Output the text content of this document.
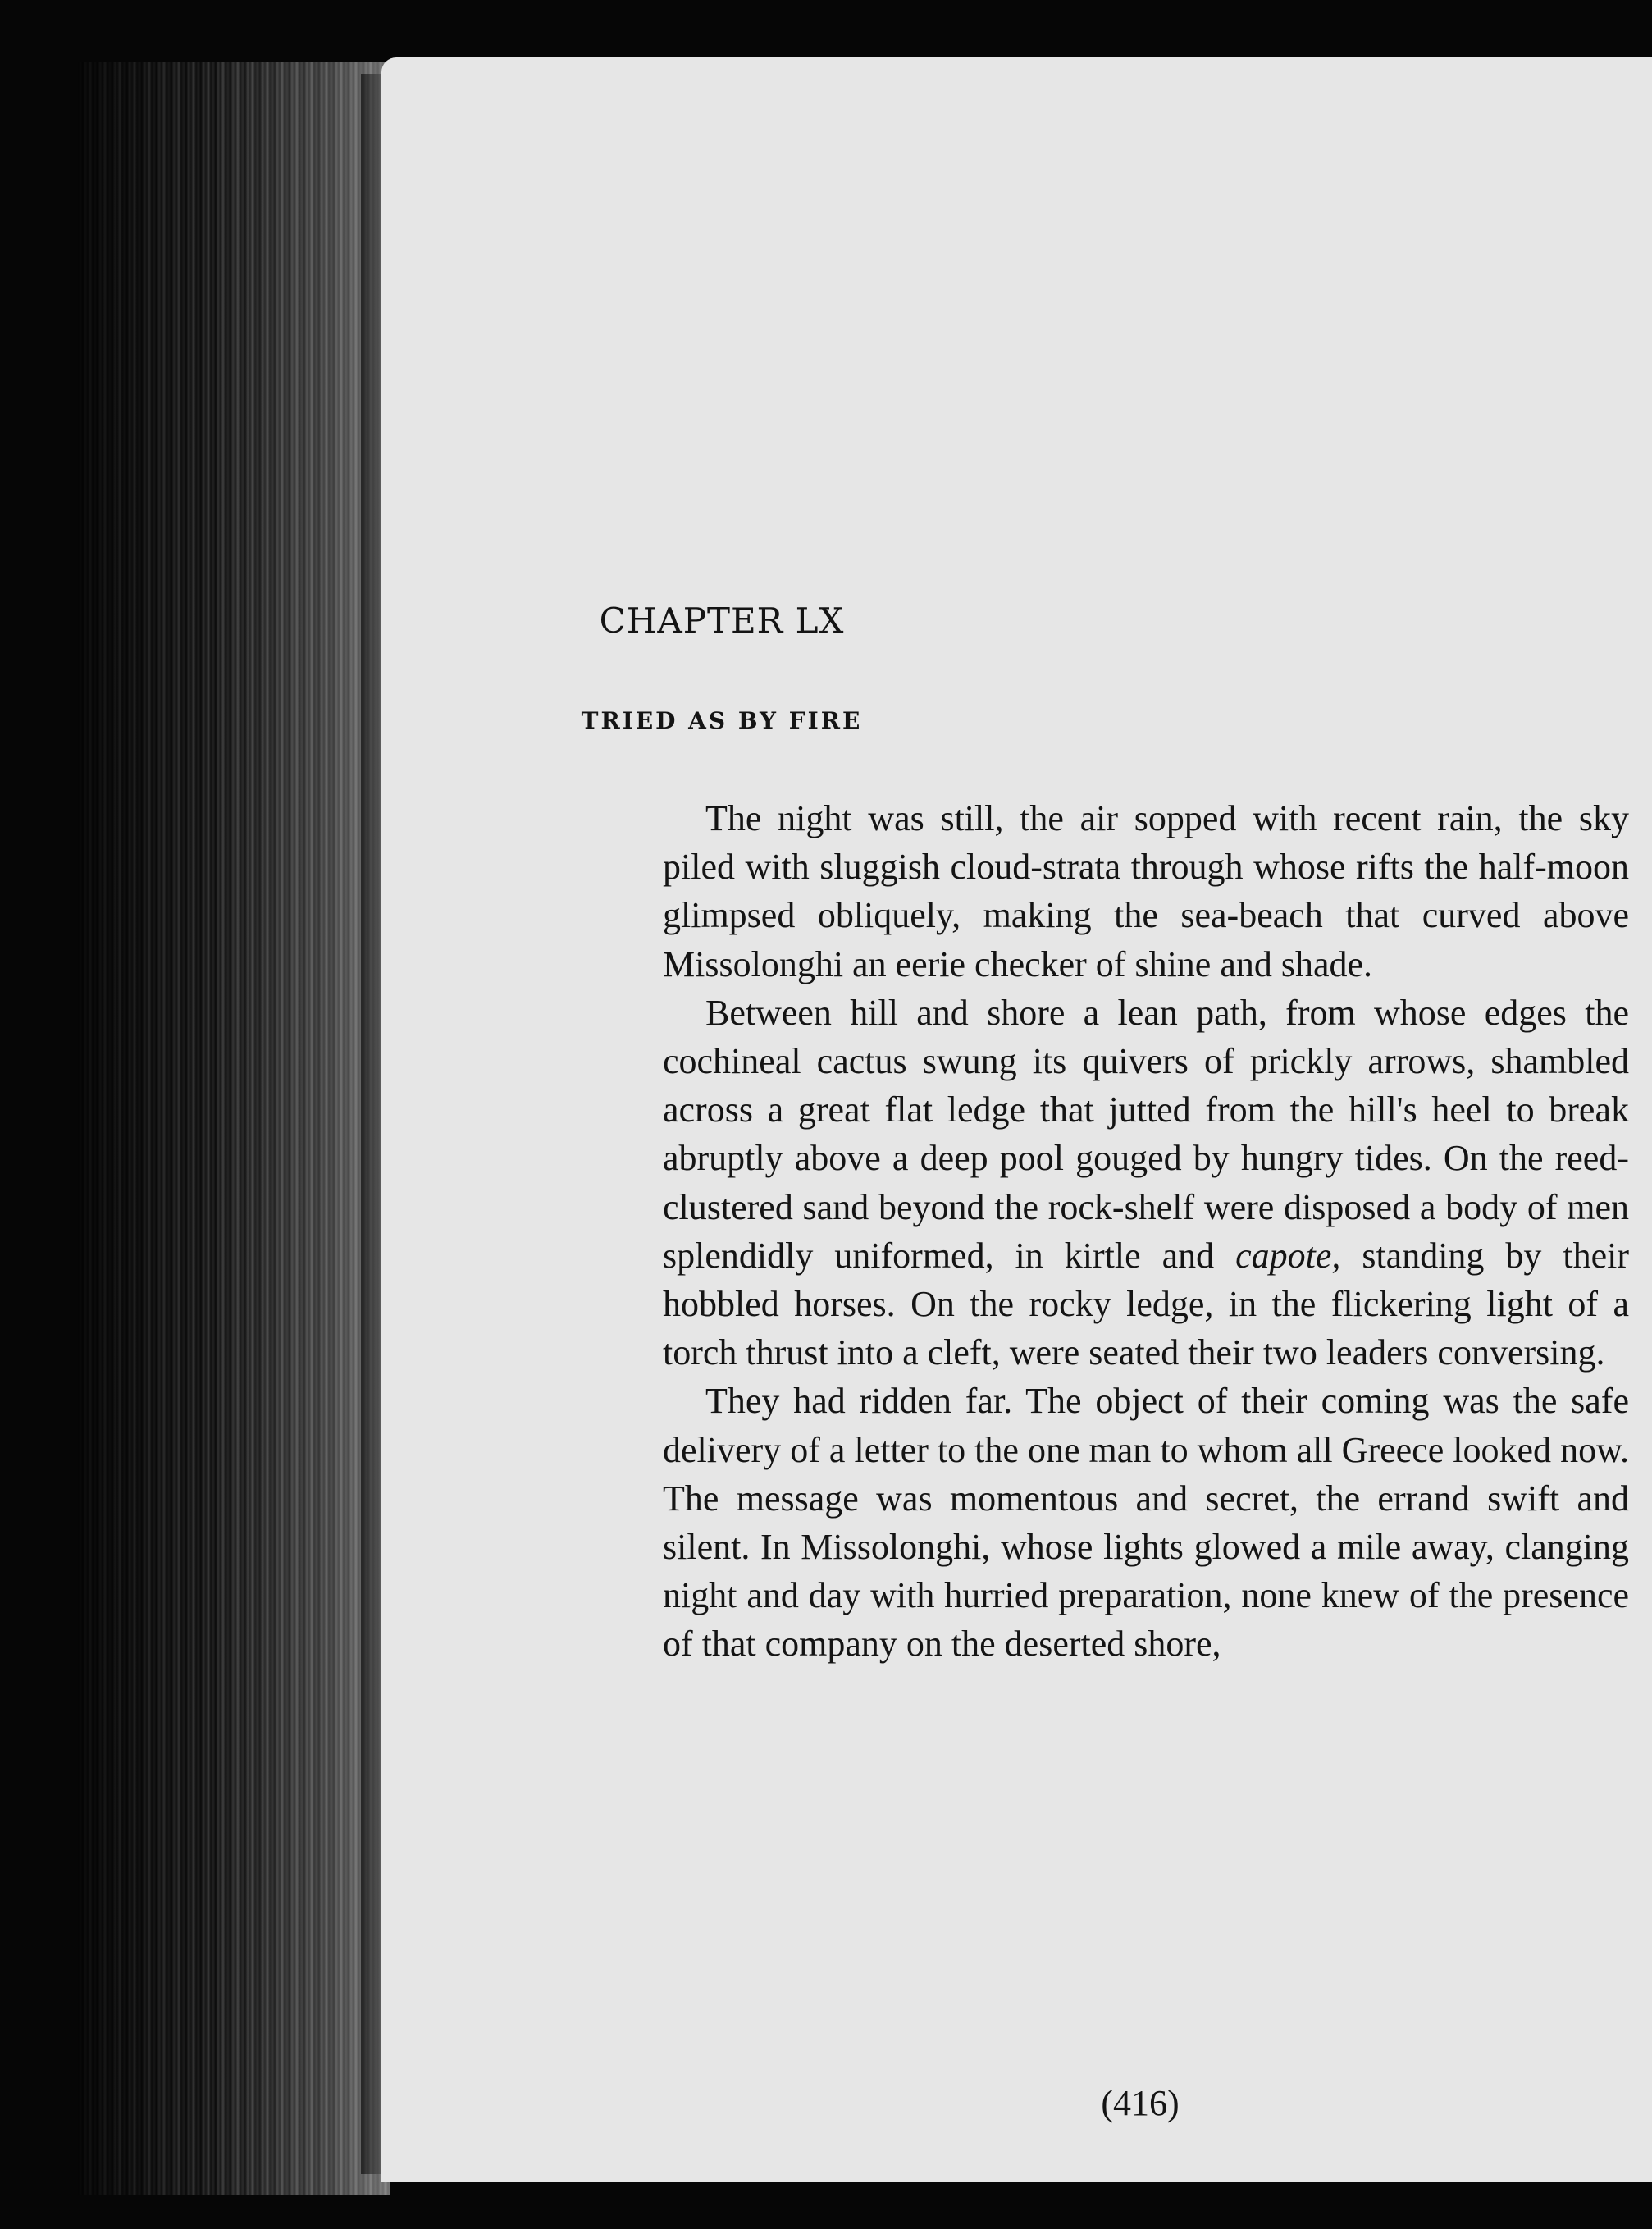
CHAPTER LX
TRIED AS BY FIRE

The night was still, the air sopped with recent rain, the sky piled with sluggish cloud-strata through whose rifts the half-moon glimpsed obliquely, making the sea-beach that curved above Missolonghi an eerie checker of shine and shade.

Between hill and shore a lean path, from whose edges the cochineal cactus swung its quivers of prickly arrows, shambled across a great flat ledge that jutted from the hill's heel to break abruptly above a deep pool gouged by hungry tides. On the reed-clustered sand beyond the rock-shelf were disposed a body of men splendidly uniformed, in kirtle and capote, standing by their hobbled horses. On the rocky ledge, in the flickering light of a torch thrust into a cleft, were seated their two leaders conversing.

They had ridden far. The object of their coming was the safe delivery of a letter to the one man to whom all Greece looked now. The message was momentous and secret, the errand swift and silent. In Missolonghi, whose lights glowed a mile away, clanging night and day with hurried preparation, none knew of the presence of that company on the deserted shore,

(416)
